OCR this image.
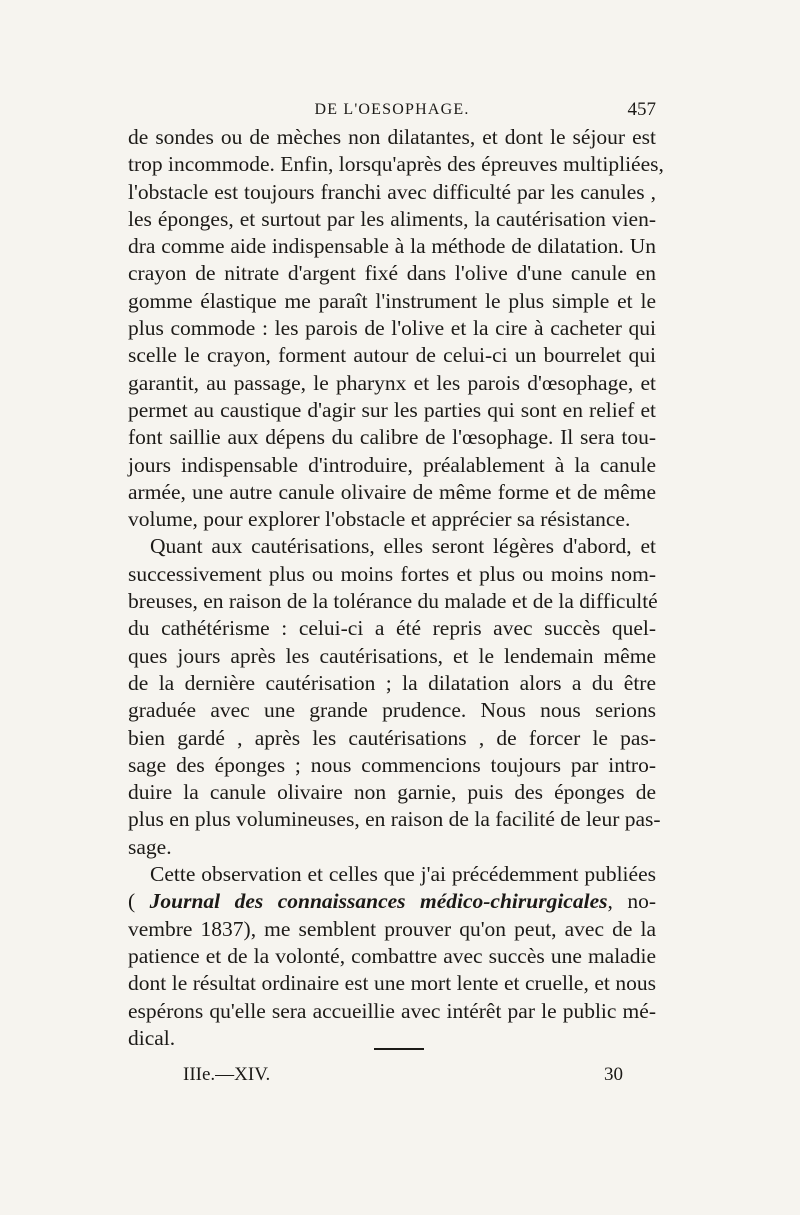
DE L'OESOPHAGE.	457
de sondes ou de mèches non dilatantes, et dont le séjour est
trop incommode. Enfin, lorsqu'après des épreuves multipliées,
l'obstacle est toujours franchi avec difficulté par les canules ,
les éponges, et surtout par les aliments, la cautérisation vien-
dra comme aide indispensable à la méthode de dilatation. Un
crayon de nitrate d'argent fixé dans l'olive d'une canule en
gomme élastique me paraît l'instrument le plus simple et le
plus commode : les parois de l'olive et la cire à cacheter qui
scelle le crayon, forment autour de celui-ci un bourrelet qui
garantit, au passage, le pharynx et les parois d'œsophage, et
permet au caustique d'agir sur les parties qui sont en relief et
font saillie aux dépens du calibre de l'œsophage. Il sera tou-
jours indispensable d'introduire, préalablement à la canule
armée, une autre canule olivaire de même forme et de même
volume, pour explorer l'obstacle et apprécier sa résistance.
Quant aux cautérisations, elles seront légères d'abord, et
successivement plus ou moins fortes et plus ou moins nom-
breuses, en raison de la tolérance du malade et de la difficulté
du cathétérisme : celui-ci a été repris avec succès quel-
ques jours après les cautérisations, et le lendemain même
de la dernière cautérisation ; la dilatation alors a du être
graduée avec une grande prudence. Nous nous serions
bien gardé , après les cautérisations , de forcer le pas-
sage des éponges ; nous commencions toujours par intro-
duire la canule olivaire non garnie, puis des éponges de
plus en plus volumineuses, en raison de la facilité de leur pas-
sage.
Cette observation et celles que j'ai précédemment publiées
( Journal des connaissances médico-chirurgicales, no-
vembre 1837), me semblent prouver qu'on peut, avec de la
patience et de la volonté, combattre avec succès une maladie
dont le résultat ordinaire est une mort lente et cruelle, et nous
espérons qu'elle sera accueillie avec intérêt par le public mé-
dical.
IIIe.—XIV.	30
